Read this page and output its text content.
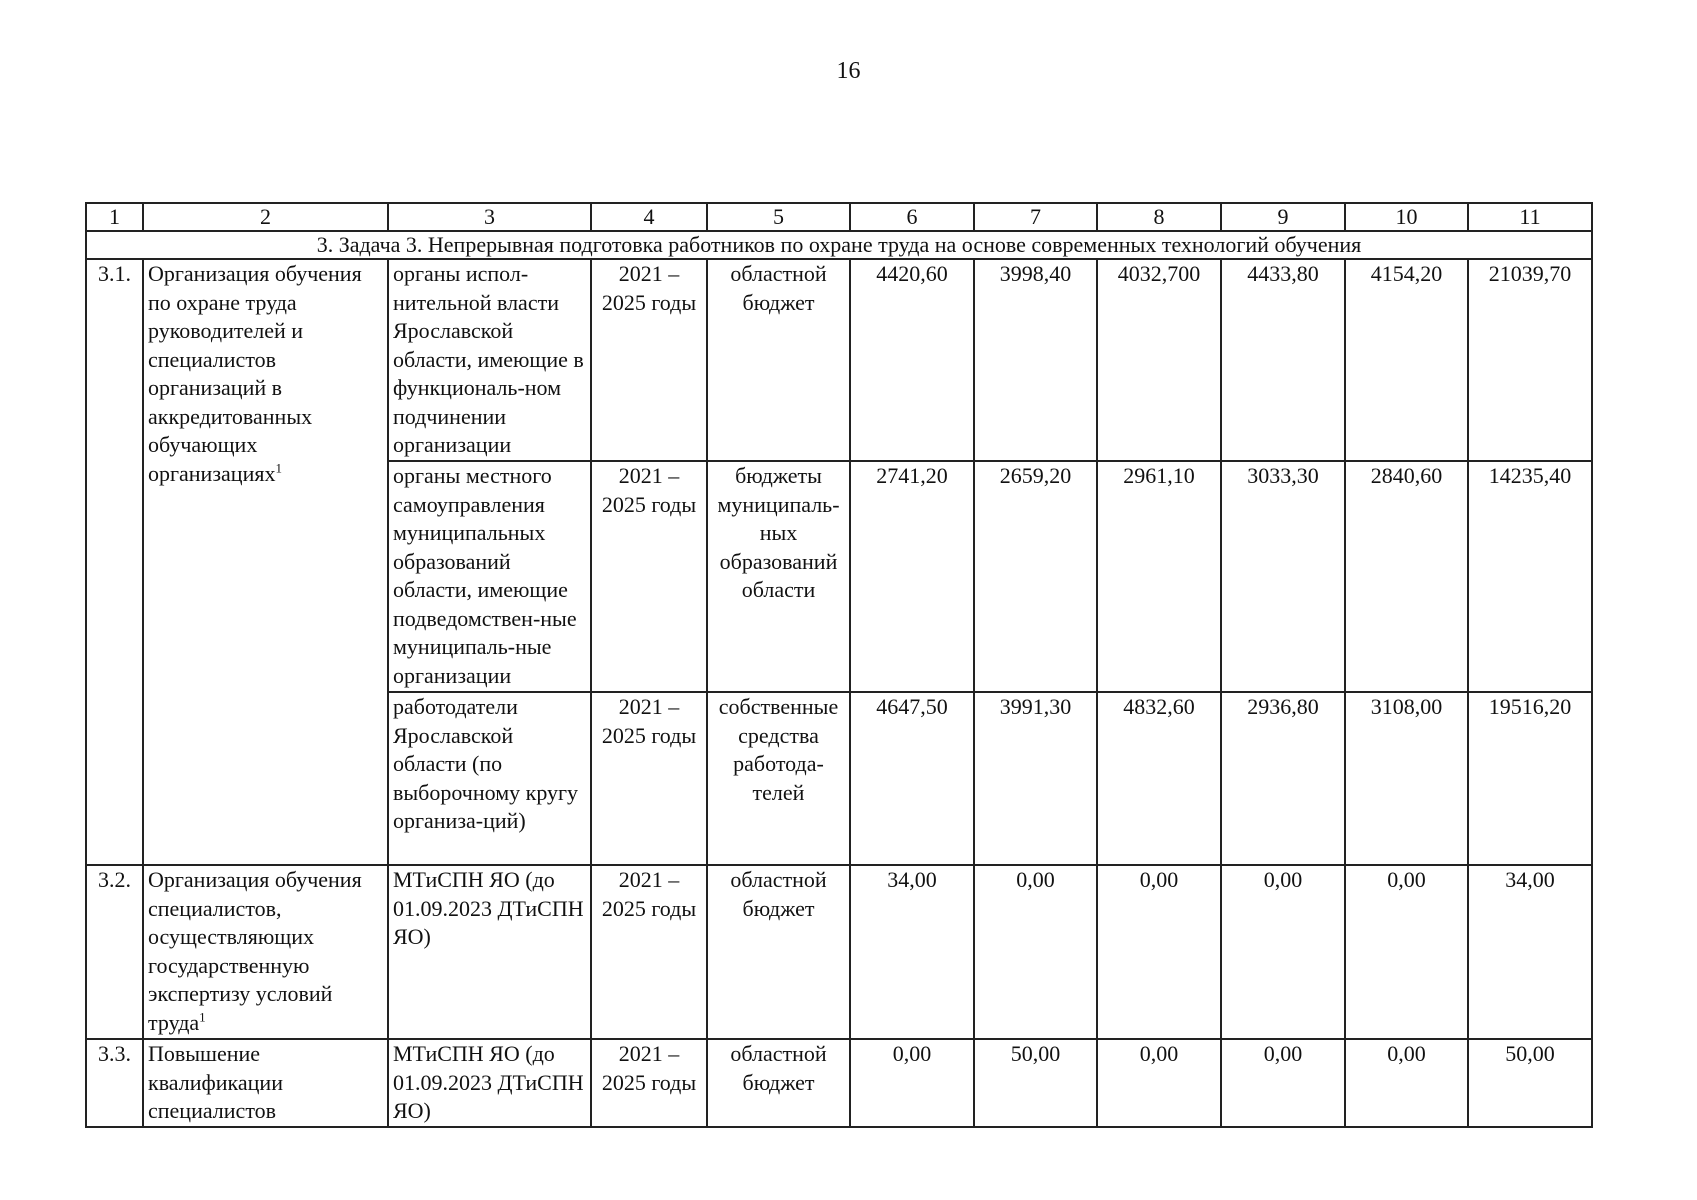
16
1	2	3	4	5	6	7	8	9	10	11
3. Задача 3. Непрерывная подготовка работников по охране труда на основе современных технологий обучения										
3.1.	Организация обучения по охране труда руководителей и специалистов организаций в аккредитованных обучающих организациях$^1$	органы испол-нительной власти Ярославской области, имеющие в функциональ-ном подчинении организации	2021 – 2025 годы	областной бюджет	4420,60	3998,40	4032,700	4433,80	4154,20	21039,70
		органы местного самоуправления муниципальных образований области, имеющие подведомствен-ные муниципаль-ные организации	2021 – 2025 годы	бюджеты муниципаль-ных образований области	2741,20	2659,20	2961,10	3033,30	2840,60	14235,40
		работодатели Ярославской области (по выборочному кругу организа-ций)	2021 – 2025 годы	собственные средства работода-телей	4647,50	3991,30	4832,60	2936,80	3108,00	19516,20
3.2.	Организация обучения специалистов, осуществляющих государственную экспертизу условий труда$^1$	МТиСПН ЯО (до 01.09.2023 ДТиСПН ЯО)	2021 – 2025 годы	областной бюджет	34,00	0,00	0,00	0,00	0,00	34,00
3.3.	Повышение квалификации специалистов	МТиСПН ЯО (до 01.09.2023 ДТиСПН ЯО)	2021 – 2025 годы	областной бюджет	0,00	50,00	0,00	0,00	0,00	50,00
